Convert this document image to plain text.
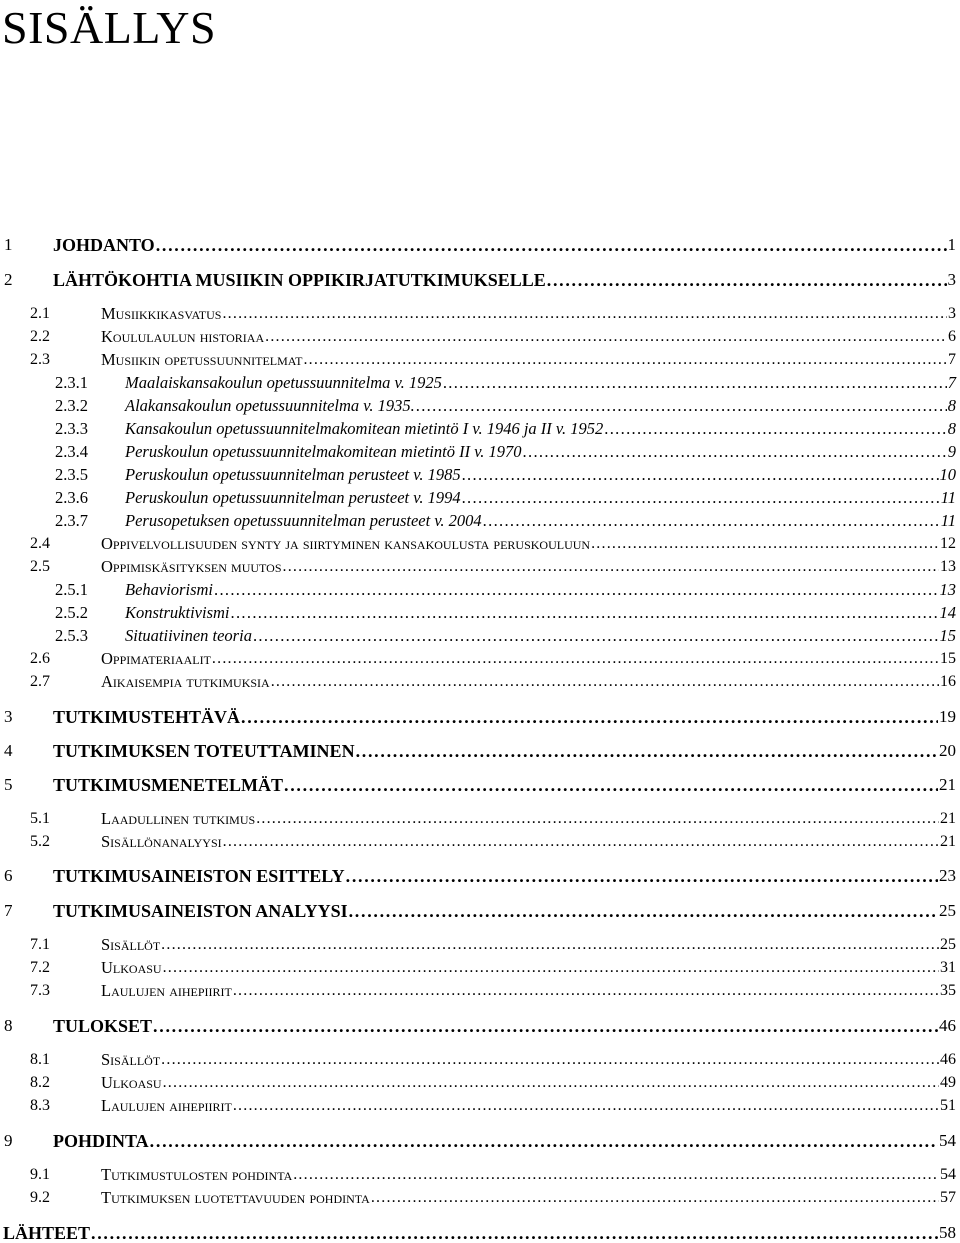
SISÄLLYS
1	JOHDANTO . . .	1
2	LÄHTÖKOHTIA MUSIIKIN OPPIKIRJATUTKIMUKSELLE . . .	3
2.1	Musiikkikasvatus . . .	3
2.2	Koululaulun historiaa . . .	6
2.3	Musiikin opetussuunnitelmat . . .	7
2.3.1	Maalaiskansakoulun opetussuunnitelma v. 1925 . . .	7
2.3.2	Alakansakoulun opetussuunnitelma v. 1935. . . .	8
2.3.3	Kansakoulun opetussuunnitelmakomitean mietintö I v. 1946 ja II v. 1952 . . .	8
2.3.4	Peruskoulun opetussuunnitelmakomitean mietintö II v. 1970 . . .	9
2.3.5	Peruskoulun opetussuunnitelman perusteet v. 1985 . . .	10
2.3.6	Peruskoulun opetussuunnitelman perusteet v. 1994 . . .	11
2.3.7	Perusopetuksen opetussuunnitelman perusteet v. 2004 . . .	11
2.4	Oppivelvollisuuden synty ja siirtyminen kansakoulusta peruskouluun . . .	12
2.5	Oppimiskäsityksen muutos . . .	13
2.5.1	Behaviorismi . . .	13
2.5.2	Konstruktivismi . . .	14
2.5.3	Situatiivinen teoria . . .	15
2.6	Oppimateriaalit . . .	15
2.7	Aikaisempia tutkimuksia . . .	16
3	TUTKIMUSTEHTÄVÄ . . .	19
4	TUTKIMUKSEN TOTEUTTAMINEN . . .	20
5	TUTKIMUSMENETELMÄT . . .	21
5.1	Laadullinen tutkimus . . .	21
5.2	Sisällönanalyysi . . .	21
6	TUTKIMUSAINEISTON ESITTELY . . .	23
7	TUTKIMUSAINEISTON ANALYYSI . . .	25
7.1	Sisällöt . . .	25
7.2	Ulkoasu . . .	31
7.3	Laulujen aihepiirit . . .	35
8	TULOKSET . . .	46
8.1	Sisällöt . . .	46
8.2	Ulkoasu . . .	49
8.3	Laulujen aihepiirit . . .	51
9	POHDINTA . . .	54
9.1	Tutkimustulosten pohdinta . . .	54
9.2	Tutkimuksen luotettavuuden pohdinta . . .	57
LÄHTEET . . .	58
